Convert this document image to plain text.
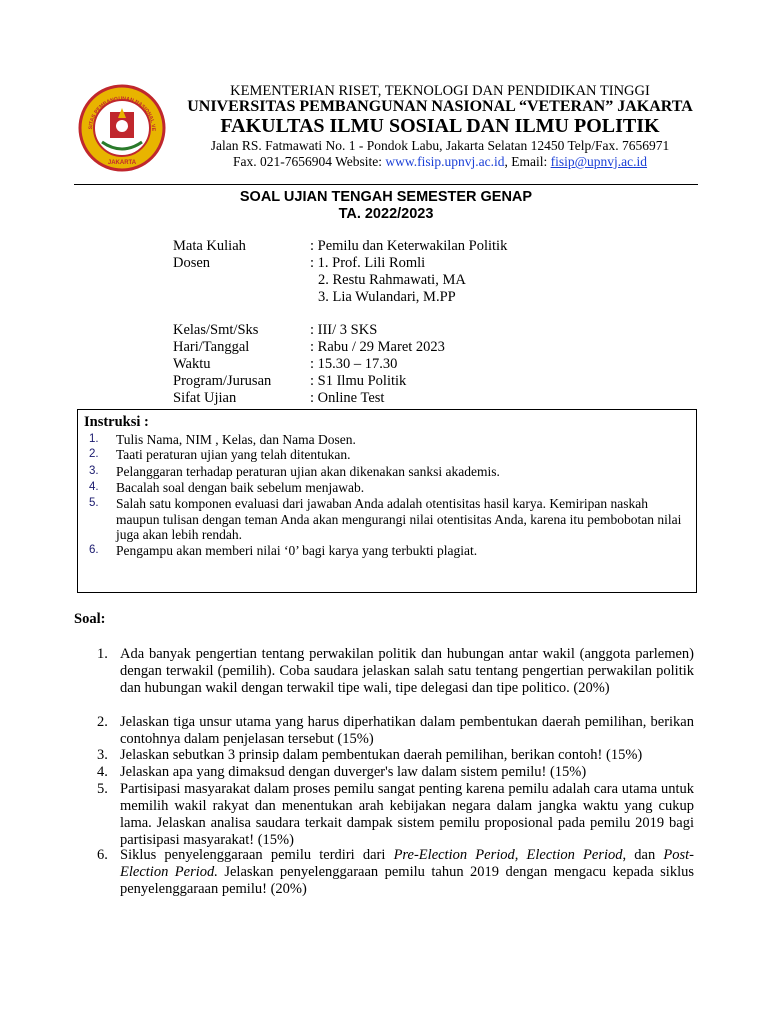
SITAS PEMBANGUNAN NASIONAL VE
JAKARTA
KEMENTERIAN RISET, TEKNOLOGI DAN PENDIDIKAN TINGGI
UNIVERSITAS PEMBANGUNAN NASIONAL “VETERAN” JAKARTA
FAKULTAS ILMU SOSIAL DAN ILMU POLITIK
Jalan RS. Fatmawati No. 1 - Pondok Labu, Jakarta Selatan 12450 Telp/Fax. 7656971
Fax. 021-7656904 Website: www.fisip.upnvj.ac.id, Email: fisip@upnvj.ac.id
SOAL UJIAN TENGAH SEMESTER GENAP
TA. 2022/2023
Mata Kuliah	: Pemilu dan Keterwakilan Politik
Dosen	: 1. Prof. Lili Romli
2. Restu Rahmawati, MA
3. Lia Wulandari, M.PP
Kelas/Smt/Sks	: III/ 3 SKS
Hari/Tanggal	: Rabu / 29 Maret 2023
Waktu	: 15.30 – 17.30
Program/Jurusan	: S1 Ilmu Politik
Sifat Ujian	: Online Test
Instruksi :
1.	Tulis Nama, NIM , Kelas, dan Nama Dosen.
2.	Taati peraturan ujian yang telah ditentukan.
3.	Pelanggaran terhadap peraturan ujian akan dikenakan sanksi akademis.
4.	Bacalah soal dengan baik sebelum menjawab.
5.	Salah satu komponen evaluasi dari jawaban Anda adalah otentisitas hasil karya. Kemiripan naskah maupun tulisan dengan teman Anda akan mengurangi nilai otentisitas Anda, karena itu pembobotan nilai juga akan lebih rendah.
6.	Pengampu akan memberi nilai ‘0’ bagi karya yang terbukti plagiat.
Soal:
1. Ada banyak pengertian tentang perwakilan politik dan hubungan antar wakil (anggota parlemen) dengan terwakil (pemilih). Coba saudara jelaskan salah satu tentang pengertian perwakilan politik dan hubungan wakil dengan terwakil tipe wali, tipe delegasi dan tipe politico. (20%)
2. Jelaskan tiga unsur utama yang harus diperhatikan dalam pembentukan daerah pemilihan, berikan contohnya dalam penjelasan tersebut (15%)
3. Jelaskan sebutkan 3 prinsip dalam pembentukan daerah pemilihan, berikan contoh! (15%)
4. Jelaskan apa yang dimaksud dengan duverger's law dalam sistem pemilu! (15%)
5. Partisipasi masyarakat dalam proses pemilu sangat penting karena pemilu adalah cara utama untuk memilih wakil rakyat dan menentukan arah kebijakan negara dalam jangka waktu yang cukup lama. Jelaskan analisa saudara terkait dampak sistem pemilu proposional pada pemilu 2019 bagi partisipasi masyarakat! (15%)
6. Siklus penyelenggaraan pemilu terdiri dari Pre-Election Period, Election Period, dan Post-Election Period. Jelaskan penyelenggaraan pemilu tahun 2019 dengan mengacu kepada siklus penyelenggaraan pemilu! (20%)
